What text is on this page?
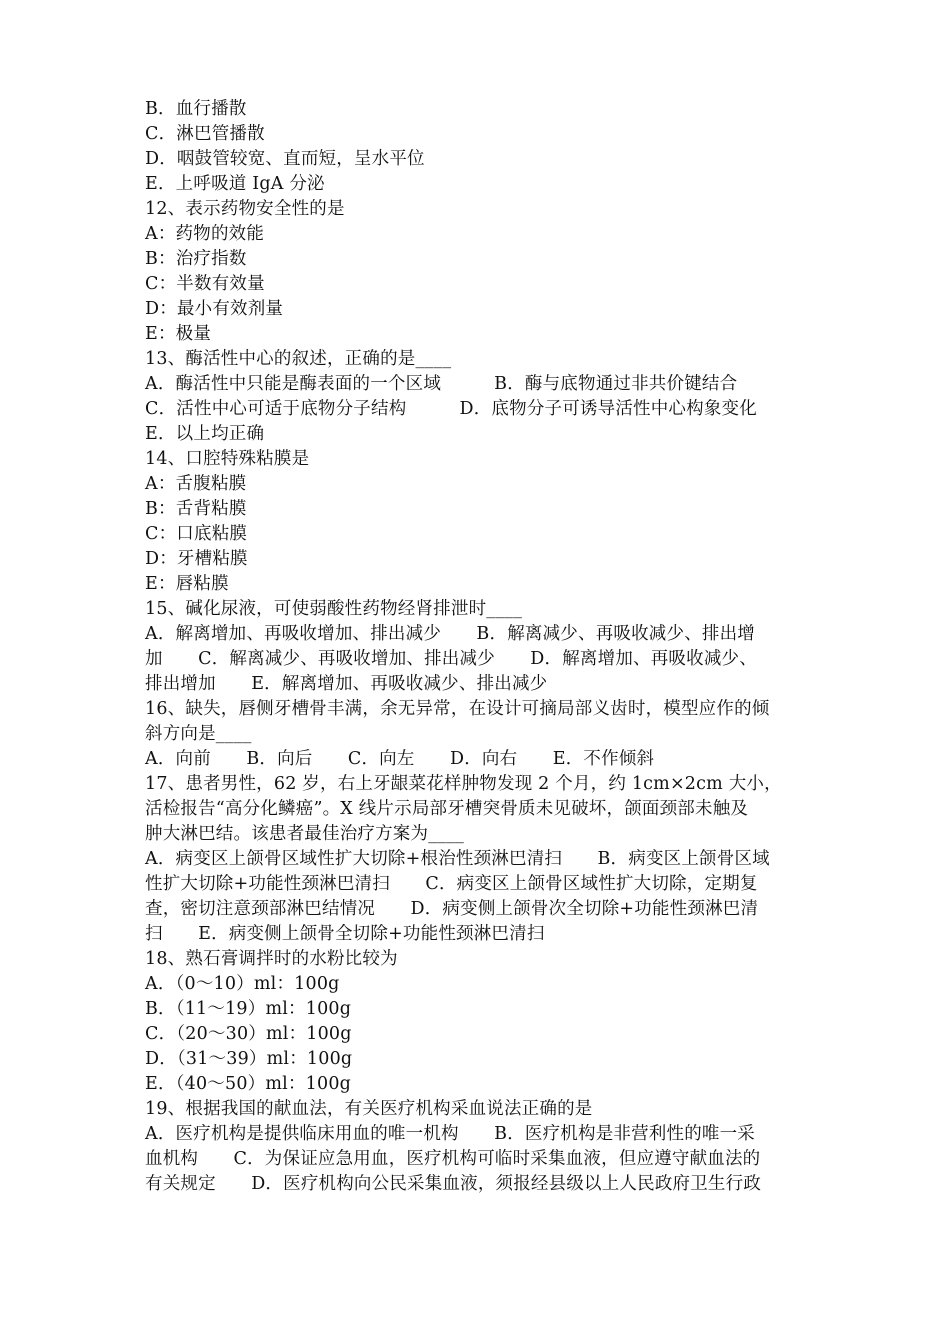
B．血行播散
C．淋巴管播散
D．咽鼓管较宽、直而短，呈水平位
E．上呼吸道 IgA 分泌
12、表示药物安全性的是
A：药物的效能
B：治疗指数
C：半数有效量
D：最小有效剂量
E：极量
13、酶活性中心的叙述，正确的是____
A．酶活性中只能是酶表面的一个区域　　　B．酶与底物通过非共价键结合
C．活性中心可适于底物分子结构　　　D．底物分子可诱导活性中心构象变化
E．以上均正确
14、口腔特殊粘膜是
A：舌腹粘膜
B：舌背粘膜
C：口底粘膜
D：牙槽粘膜
E：唇粘膜
15、碱化尿液，可使弱酸性药物经肾排泄时____
A．解离增加、再吸收增加、排出减少　　B．解离减少、再吸收减少、排出增
加　　C．解离减少、再吸收增加、排出减少　　D．解离增加、再吸收减少、
排出增加　　E．解离增加、再吸收减少、排出减少
16、缺失，唇侧牙槽骨丰满，余无异常，在设计可摘局部义齿时，模型应作的倾
斜方向是____
A．向前　　B．向后　　C．向左　　D．向右　　E．不作倾斜
17、患者男性，62 岁，右上牙龈菜花样肿物发现 2 个月，约 1cm×2cm 大小，
活检报告“高分化鳞癌”。X 线片示局部牙槽突骨质未见破坏，颌面颈部未触及
肿大淋巴结。该患者最佳治疗方案为____
A．病变区上颌骨区域性扩大切除+根治性颈淋巴清扫　　B．病变区上颌骨区域
性扩大切除+功能性颈淋巴清扫　　C．病变区上颌骨区域性扩大切除，定期复
查，密切注意颈部淋巴结情况　　D．病变侧上颌骨次全切除+功能性颈淋巴清
扫　　E．病变侧上颌骨全切除+功能性颈淋巴清扫
18、熟石膏调拌时的水粉比较为
A．（0～10）ml：100g
B．（11～19）ml：100g
C．（20～30）ml：100g
D．（31～39）ml：100g
E．（40～50）ml：100g
19、根据我国的献血法，有关医疗机构采血说法正确的是
A．医疗机构是提供临床用血的唯一机构　　B．医疗机构是非营利性的唯一采
血机构　　C．为保证应急用血，医疗机构可临时采集血液，但应遵守献血法的
有关规定　　D．医疗机构向公民采集血液，须报经县级以上人民政府卫生行政
